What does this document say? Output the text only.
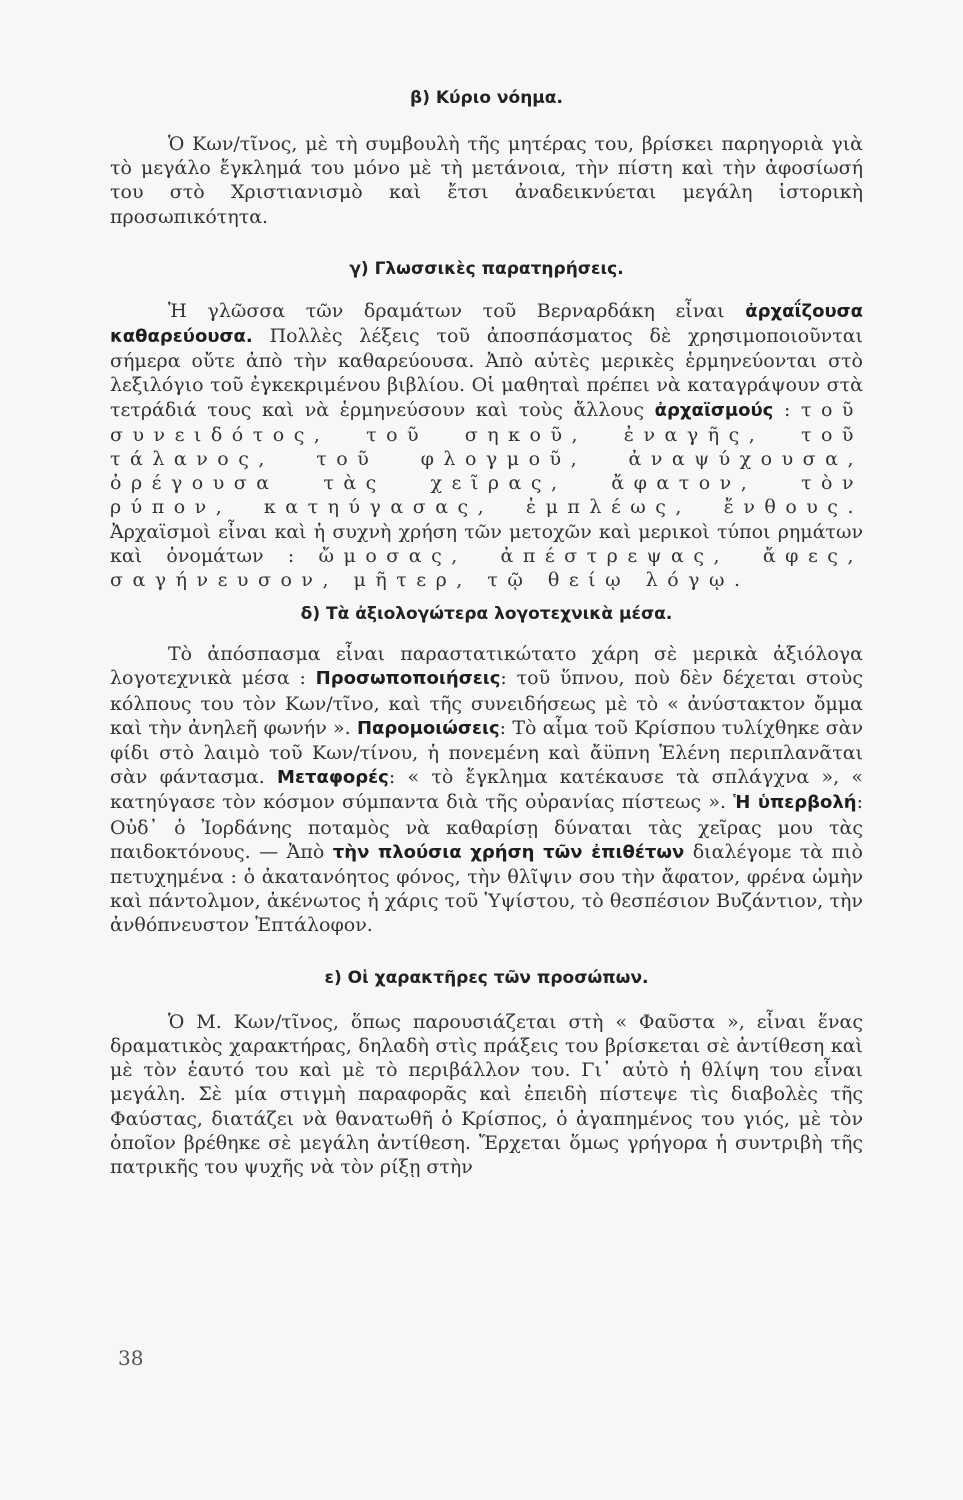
β) Κύριο νόημα.

Ὁ Κων/τῖνος, μὲ τὴ συμβουλὴ τῆς μητέρας του, βρίσκει παρηγοριὰ γιὰ τὸ μεγάλο ἔγκλημά του μόνο μὲ τὴ μετάνοια, τὴν πίστη καὶ τὴν ἀφοσίωσή του στὸ Χριστιανισμὸ καὶ ἔτσι ἀναδεικνύεται μεγάλη ἱστορικὴ προσωπικότητα.

γ) Γλωσσικὲς παρατηρήσεις.

Ἡ γλῶσσα τῶν δραμάτων τοῦ Βερναρδάκη εἶναι ἀρχαΐζουσα καθαρεύουσα. Πολλὲς λέξεις τοῦ ἀποσπάσματος δὲ χρησιμοποιοῦνται σήμερα οὔτε ἀπὸ τὴν καθαρεύουσα. Ἀπὸ αὐτὲς μερικὲς ἑρμηνεύονται στὸ λεξιλόγιο τοῦ ἐγκεκριμένου βιβλίου. Οἱ μαθηταὶ πρέπει νὰ καταγράψουν στὰ τετράδιά τους καὶ νὰ ἑρμηνεύσουν καὶ τοὺς ἄλλους ἀρχαϊσμούς : τοῦ συνειδότος, τοῦ σηκοῦ, ἐναγῆς, τοῦ τάλανος, τοῦ φλογμοῦ, ἀναψύχουσα, ὀρέγουσα τὰς χεῖρας, ἄφατον, τὸν ρύπον, κατηύγασας, ἐμπλέως, ἔνθους. Ἀρχαϊσμοὶ εἶναι καὶ ἡ συχνὴ χρήση τῶν μετοχῶν καὶ μερικοὶ τύποι ρημάτων καὶ ὀνομάτων : ὤμοσας, ἀπέστρεψας, ἄφες, σαγήνευσον, μῆτερ, τῷ θείῳ λόγῳ.

δ) Τὰ ἀξιολογώτερα λογοτεχνικὰ μέσα.

Τὸ ἀπόσπασμα εἶναι παραστατικώτατο χάρη σὲ μερικὰ ἀξιόλογα λογοτεχνικὰ μέσα : Προσωποποιήσεις: τοῦ ὕπνου, ποὺ δὲν δέχεται στοὺς κόλπους του τὸν Κων/τῖνο, καὶ τῆς συνειδήσεως μὲ τὸ « ἀνύστακτον ὄμμα καὶ τὴν ἀνηλεῆ φωνήν ». Παρομοιώσεις: Τὸ αἷμα τοῦ Κρίσπου τυλίχθηκε σὰν φίδι στὸ λαιμὸ τοῦ Κων/τίνου, ἡ πονεμένη καὶ ἄϋπνη Ἑλένη περιπλανᾶται σὰν φάντασμα. Μεταφορές: « τὸ ἔγκλημα κατέκαυσε τὰ σπλάγχνα », « κατηύγασε τὸν κόσμον σύμπαντα διὰ τῆς οὐρανίας πίστεως ». Ἡ ὑπερβολή: Οὐδ᾽ ὁ Ἰορδάνης ποταμὸς νὰ καθαρίσῃ δύναται τὰς χεῖρας μου τὰς παιδοκτόνους. — Ἀπὸ τὴν πλούσια χρήση τῶν ἐπιθέτων διαλέγομε τὰ πιὸ πετυχημένα : ὁ ἀκατανόητος φόνος, τὴν θλῖψιν σου τὴν ἄφατον, φρένα ὠμὴν καὶ πάντολμον, ἀκένωτος ἡ χάρις τοῦ Ὑψίστου, τὸ θεσπέσιον Βυζάντιον, τὴν ἀνθόπνευστον Ἑπτάλοφον.

ε) Οἱ χαρακτῆρες τῶν προσώπων.

Ὁ Μ. Κων/τῖνος, ὅπως παρουσιάζεται στὴ « Φαῦστα », εἶναι ἕνας δραματικὸς χαρακτήρας, δηλαδὴ στὶς πράξεις του βρίσκεται σὲ ἀντίθεση καὶ μὲ τὸν ἑαυτό του καὶ μὲ τὸ περιβάλλον του. Γι᾽ αὐτὸ ἡ θλίψη του εἶναι μεγάλη. Σὲ μία στιγμὴ παραφορᾶς καὶ ἐπειδὴ πίστεψε τὶς διαβολὲς τῆς Φαύστας, διατάζει νὰ θανατωθῆ ὁ Κρίσπος, ὁ ἀγαπημένος του γιός, μὲ τὸν ὁποῖον βρέθηκε σὲ μεγάλη ἀντίθεση. Ἔρχεται ὅμως γρήγορα ἡ συντριβὴ τῆς πατρικῆς του ψυχῆς νὰ τὸν ρίξῃ στὴν

38
